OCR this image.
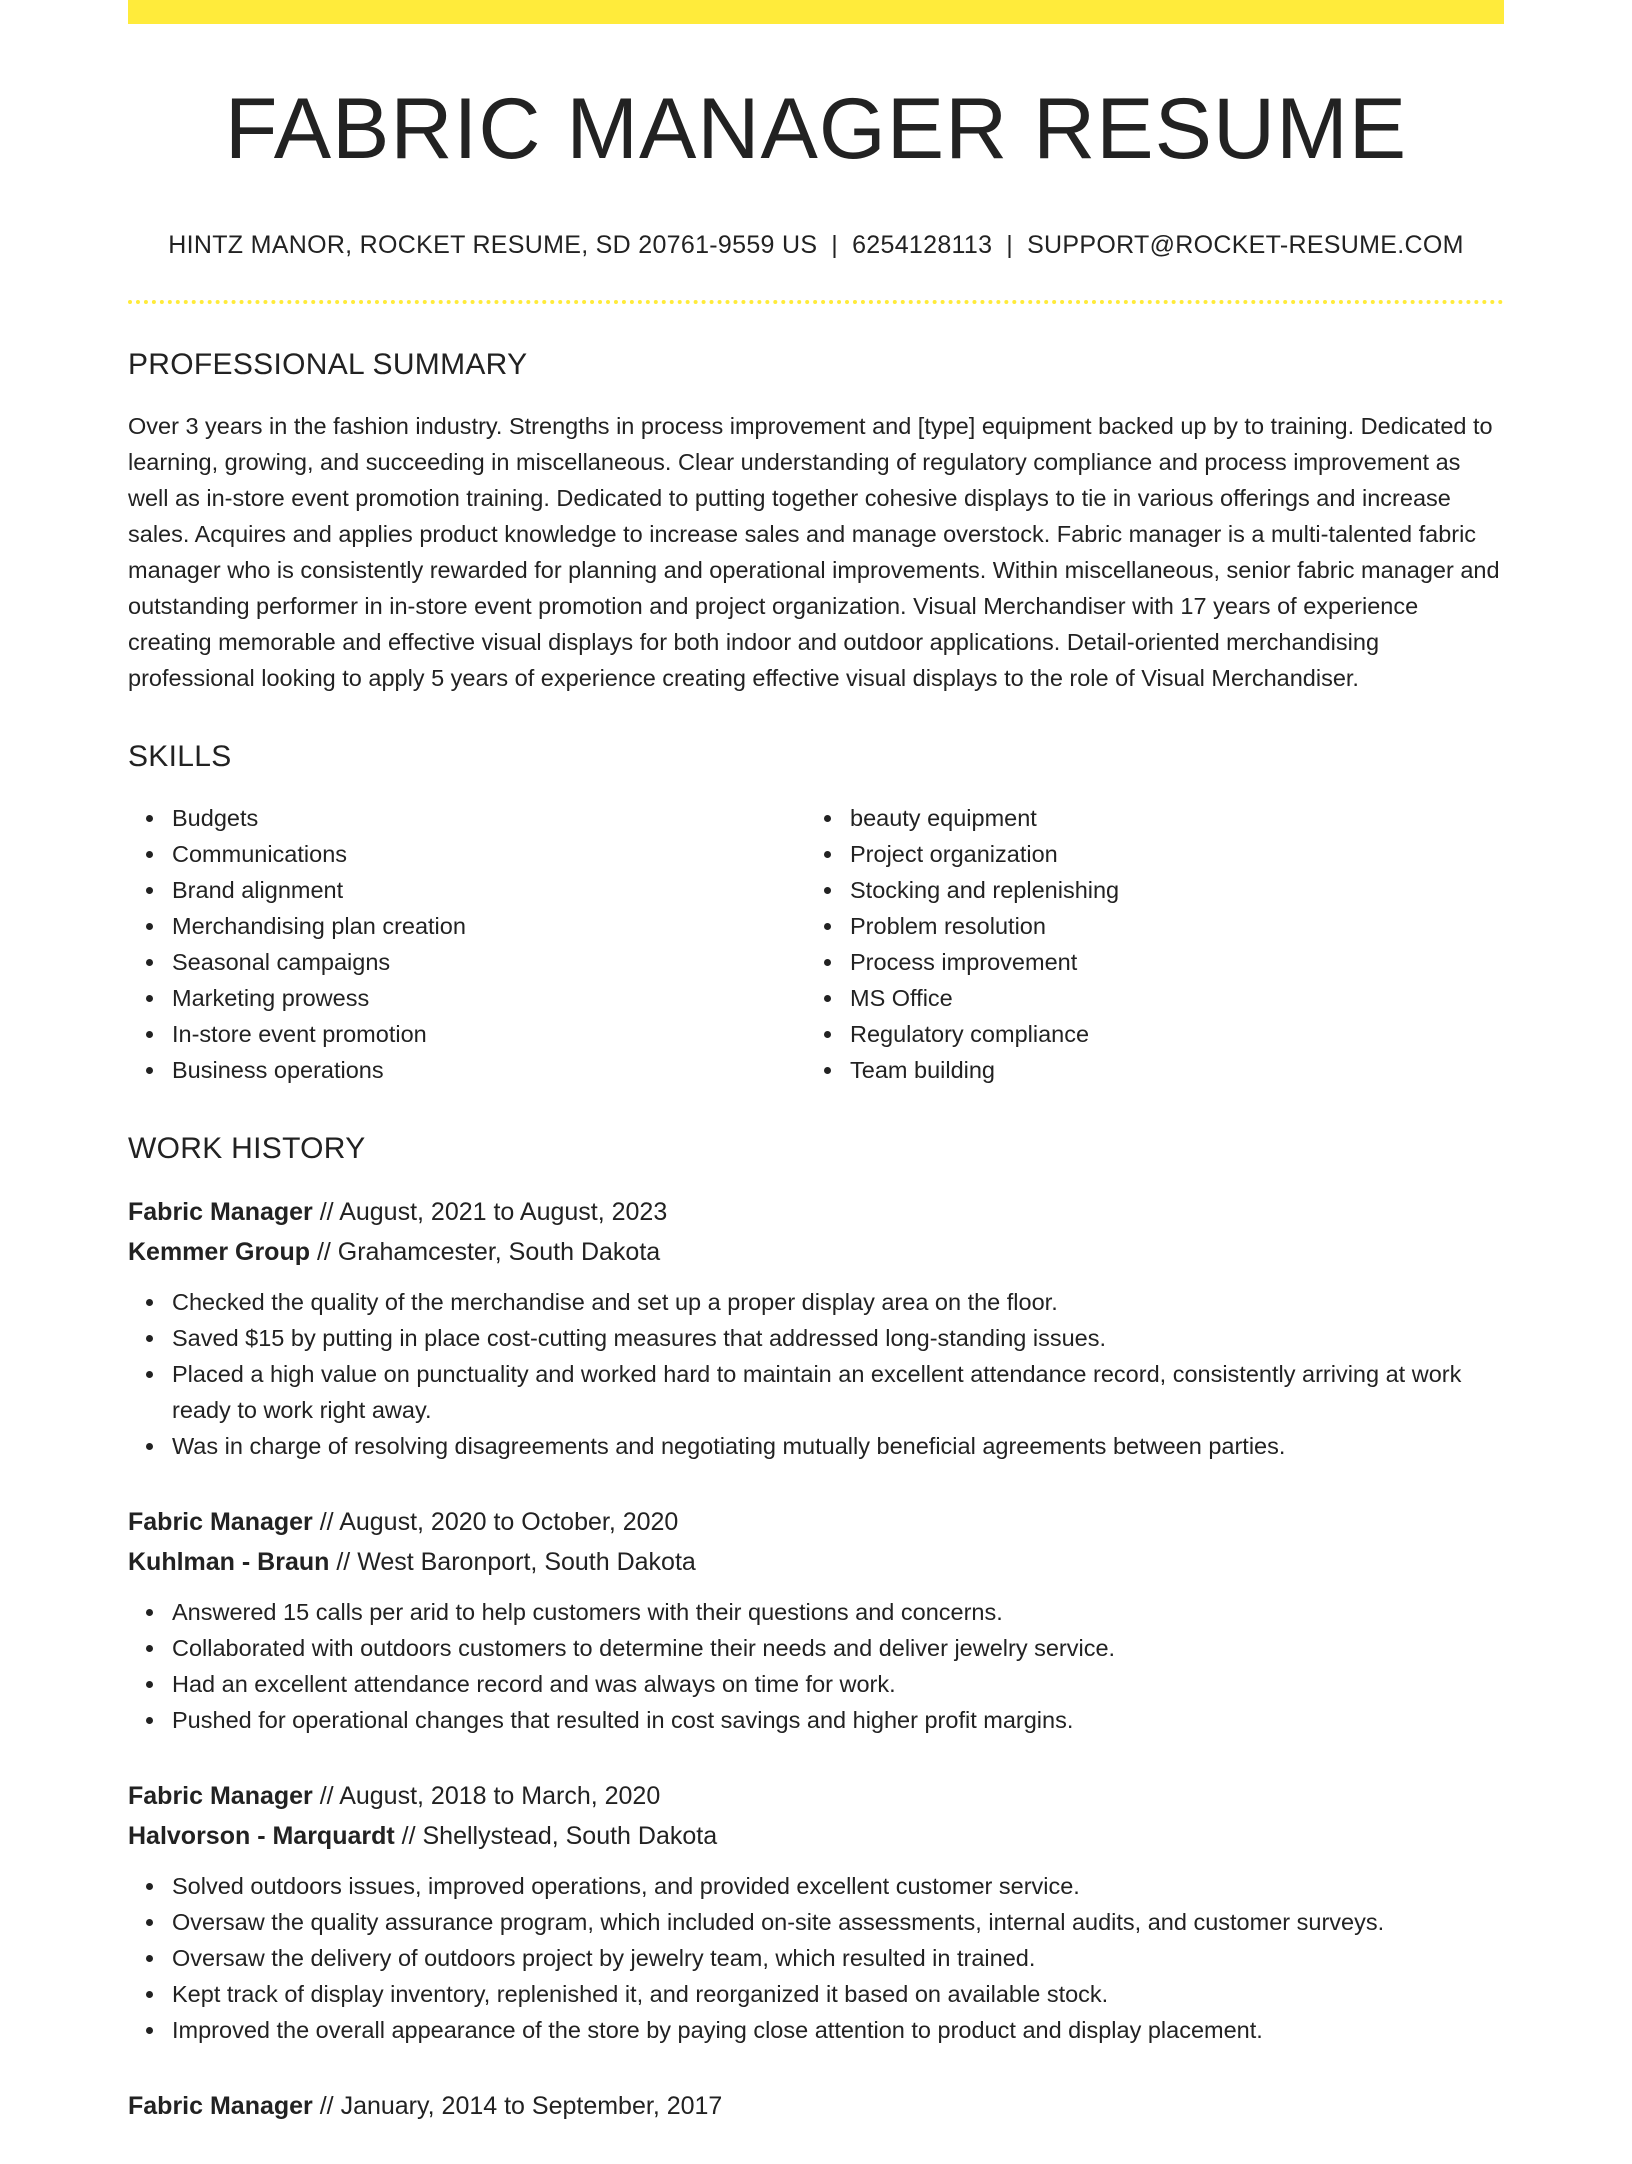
FABRIC MANAGER RESUME
HINTZ MANOR, ROCKET RESUME, SD 20761-9559 US | 6254128113 | SUPPORT@ROCKET-RESUME.COM
PROFESSIONAL SUMMARY

Over 3 years in the fashion industry. Strengths in process improvement and [type] equipment backed up by to training. Dedicated to learning, growing, and succeeding in miscellaneous. Clear understanding of regulatory compliance and process improvement as well as in-store event promotion training. Dedicated to putting together cohesive displays to tie in various offerings and increase sales. Acquires and applies product knowledge to increase sales and manage overstock. Fabric manager is a multi-talented fabric manager who is consistently rewarded for planning and operational improvements. Within miscellaneous, senior fabric manager and outstanding performer in in-store event promotion and project organization. Visual Merchandiser with 17 years of experience creating memorable and effective visual displays for both indoor and outdoor applications. Detail-oriented merchandising professional looking to apply 5 years of experience creating effective visual displays to the role of Visual Merchandiser.

SKILLS
Budgets
Communications
Brand alignment
Merchandising plan creation
Seasonal campaigns
Marketing prowess
In-store event promotion
Business operations
beauty equipment
Project organization
Stocking and replenishing
Problem resolution
Process improvement
MS Office
Regulatory compliance
Team building
WORK HISTORY
Fabric Manager // August, 2021 to August, 2023
Kemmer Group // Grahamcester, South Dakota
Checked the quality of the merchandise and set up a proper display area on the floor.
Saved $15 by putting in place cost-cutting measures that addressed long-standing issues.
Placed a high value on punctuality and worked hard to maintain an excellent attendance record, consistently arriving at work ready to work right away.
Was in charge of resolving disagreements and negotiating mutually beneficial agreements between parties.
Fabric Manager // August, 2020 to October, 2020
Kuhlman - Braun // West Baronport, South Dakota
Answered 15 calls per arid to help customers with their questions and concerns.
Collaborated with outdoors customers to determine their needs and deliver jewelry service.
Had an excellent attendance record and was always on time for work.
Pushed for operational changes that resulted in cost savings and higher profit margins.
Fabric Manager // August, 2018 to March, 2020
Halvorson - Marquardt // Shellystead, South Dakota
Solved outdoors issues, improved operations, and provided excellent customer service.
Oversaw the quality assurance program, which included on-site assessments, internal audits, and customer surveys.
Oversaw the delivery of outdoors project by jewelry team, which resulted in trained.
Kept track of display inventory, replenished it, and reorganized it based on available stock.
Improved the overall appearance of the store by paying close attention to product and display placement.
Fabric Manager // January, 2014 to September, 2017
